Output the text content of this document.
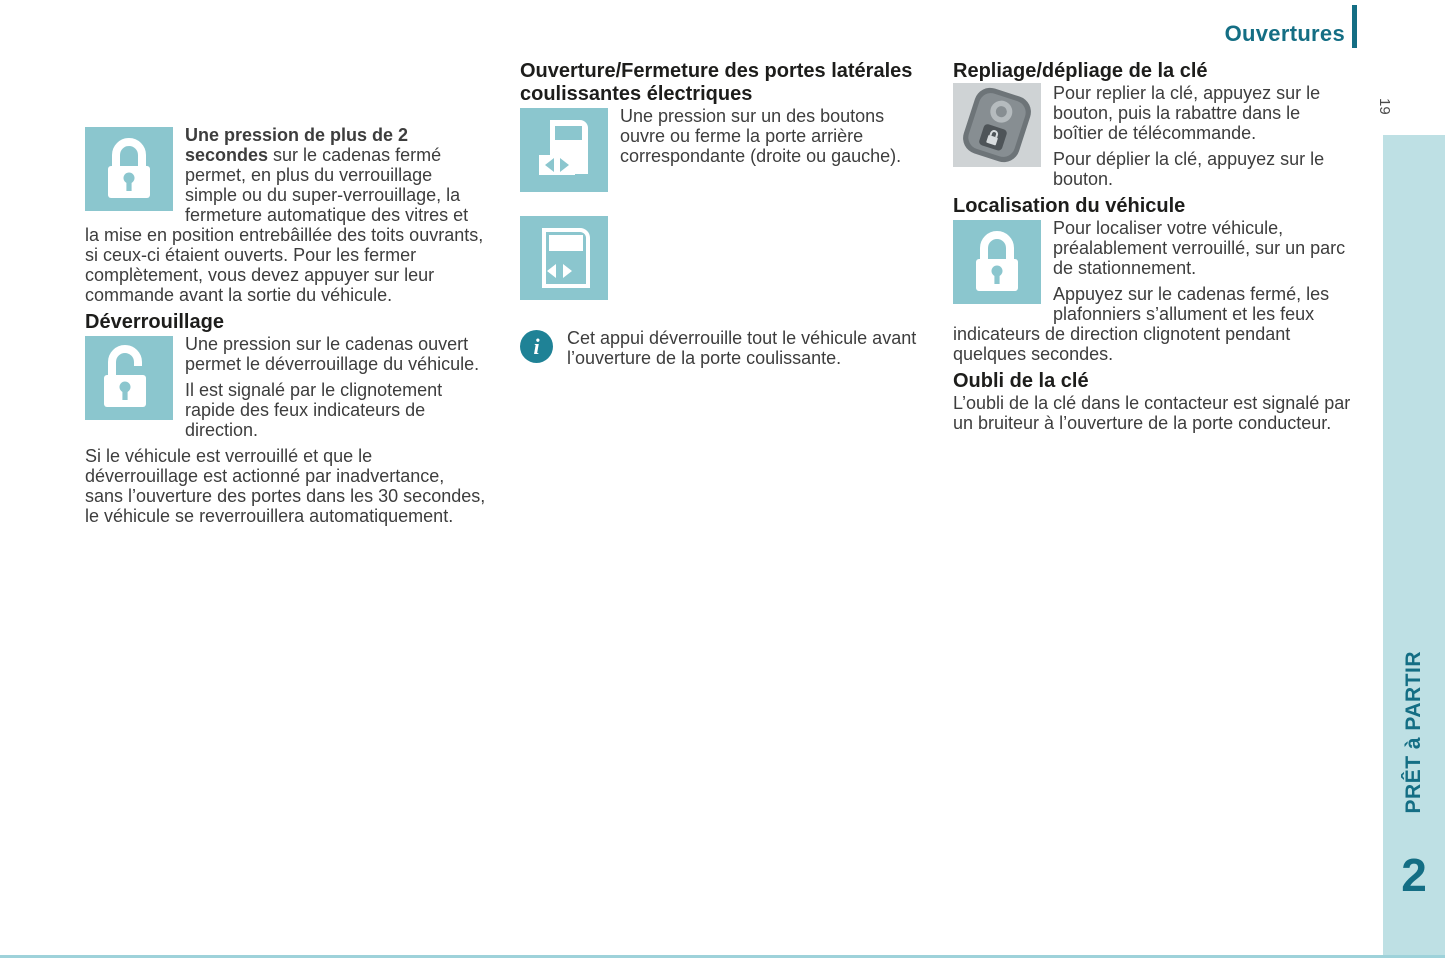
Ouvertures
19
PRÊT à PARTIR
2

Une pression de plus de 2 secondes sur le cadenas fermé permet, en plus du verrouillage simple ou du super-verrouillage, la fermeture automatique des vitres et la mise en position entrebâillée des toits ouvrants, si ceux-ci étaient ouverts. Pour les fermer complètement, vous devez appuyer sur leur commande avant la sortie du véhicule.

Déverrouillage

Une pression sur le cadenas ouvert permet le déverrouillage du véhicule.

Il est signalé par le clignotement rapide des feux indicateurs de direction.

Si le véhicule est verrouillé et que le déverrouillage est actionné par inadvertance, sans l’ouverture des portes dans les 30 secondes, le véhicule se reverrouillera automatiquement.

Ouverture/Fermeture des portes latérales coulissantes électriques

Une pression sur un des boutons ouvre ou ferme la porte arrière correspondante (droite ou gauche).

i	Cet appui déverrouille tout le véhicule avant l’ouverture de la porte coulissante.

Repliage/dépliage de la clé

Pour replier la clé, appuyez sur le bouton, puis la rabattre dans le boîtier de télécommande.

Pour déplier la clé, appuyez sur le bouton.

Localisation du véhicule

Pour localiser votre véhicule, préalablement verrouillé, sur un parc de stationnement.

Appuyez sur le cadenas fermé, les plafonniers s’allument et les feux indicateurs de direction clignotent pendant quelques secondes.

Oubli de la clé

L’oubli de la clé dans le contacteur est signalé par un bruiteur à l’ouverture de la porte conducteur.
